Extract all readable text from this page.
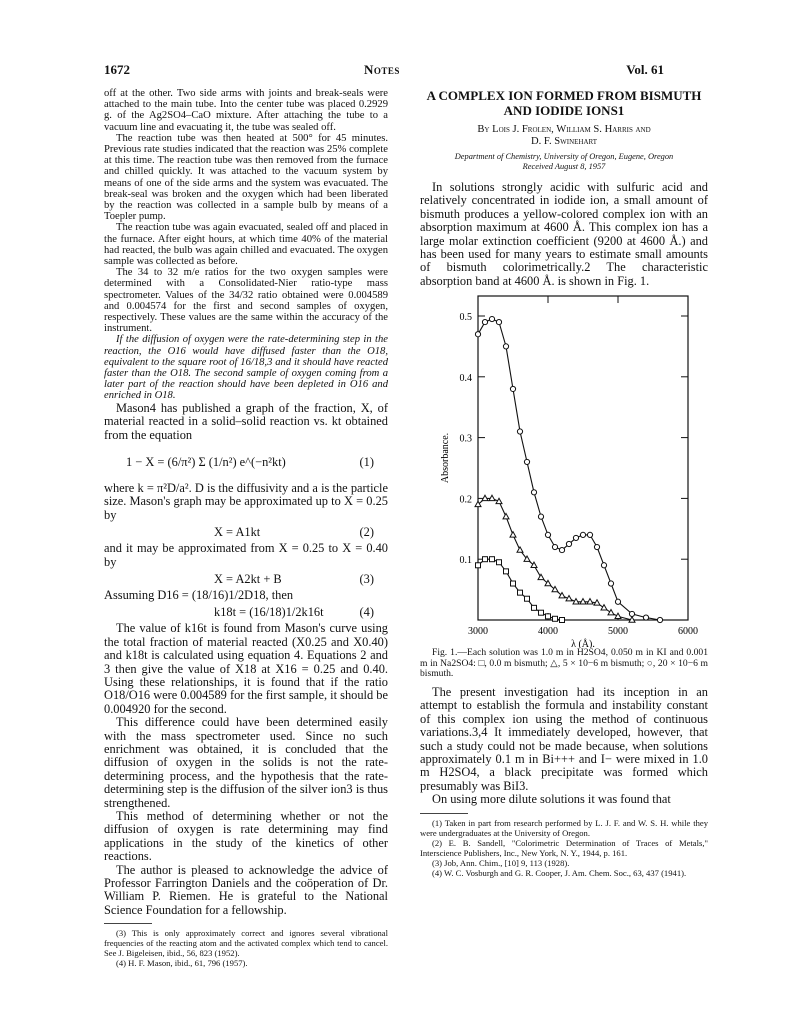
1672	Notes	Vol. 61

off at the other. Two side arms with joints and break-seals were attached to the main tube. Into the center tube was placed 0.2929 g. of the Ag2SO4–CaO mixture. After attaching the tube to a vacuum line and evacuating it, the tube was sealed off.

The reaction tube was then heated at 500° for 45 minutes. Previous rate studies indicated that the reaction was 25% complete at this time. The reaction tube was then removed from the furnace and chilled quickly. It was attached to the vacuum system by means of one of the side arms and the system was evacuated. The break-seal was broken and the oxygen which had been liberated by the reaction was collected in a sample bulb by means of a Toepler pump.

The reaction tube was again evacuated, sealed off and placed in the furnace. After eight hours, at which time 40% of the material had reacted, the bulb was again chilled and evacuated. The oxygen sample was collected as before.

The 34 to 32 m/e ratios for the two oxygen samples were determined with a Consolidated-Nier ratio-type mass spectrometer. Values of the 34/32 ratio obtained were 0.004589 and 0.004574 for the first and second samples of oxygen, respectively. These values are the same within the accuracy of the instrument.

If the diffusion of oxygen were the rate-determining step in the reaction, the O16 would have diffused faster than the O18, equivalent to the square root of 16/18,3 and it should have reacted faster than the O18. The second sample of oxygen coming from a later part of the reaction should have been depleted in O16 and enriched in O18.

Mason4 has published a graph of the fraction, X, of material reacted in a solid–solid reaction vs. kt obtained from the equation

1 − X = (6/π²) Σ (1/n²) e^(−n²kt)	(1)

where k = π²D/a². D is the diffusivity and a is the particle size. Mason's graph may be approximated up to X = 0.25 by

X = A1kt	(2)

and it may be approximated from X = 0.25 to X = 0.40 by

X = A2kt + B	(3)

Assuming D16 = (18/16)1/2D18, then

k18t = (16/18)1/2k16t	(4)

The value of k16t is found from Mason's curve using the total fraction of material reacted (X0.25 and X0.40) and k18t is calculated using equation 4. Equations 2 and 3 then give the value of X18 at X16 = 0.25 and 0.40. Using these relationships, it is found that if the ratio O18/O16 were 0.004589 for the first sample, it should be 0.004920 for the second.

This difference could have been determined easily with the mass spectrometer used. Since no such enrichment was obtained, it is concluded that the diffusion of oxygen in the solids is not the rate-determining process, and the hypothesis that the rate-determining step is the diffusion of the silver ion3 is thus strengthened.

This method of determining whether or not the diffusion of oxygen is rate determining may find applications in the study of the kinetics of other reactions.

The author is pleased to acknowledge the advice of Professor Farrington Daniels and the coöperation of Dr. William P. Riemen. He is grateful to the National Science Foundation for a fellowship.

(3) This is only approximately correct and ignores several vibrational frequencies of the reacting atom and the activated complex which tend to cancel. See J. Bigeleisen, ibid., 56, 823 (1952).

(4) H. F. Mason, ibid., 61, 796 (1957).

A COMPLEX ION FORMED FROM BISMUTH AND IODIDE IONS1
By Lois J. Frolen, William S. Harris and
D. F. Swinehart
Department of Chemistry, University of Oregon, Eugene, Oregon
Received August 8, 1957

In solutions strongly acidic with sulfuric acid and relatively concentrated in iodide ion, a small amount of bismuth produces a yellow-colored complex ion with an absorption maximum at 4600 Å. This complex ion has a large molar extinction coefficient (9200 at 4600 Å.) and has been used for many years to estimate small amounts of bismuth colorimetrically.2 The characteristic absorption band at 4600 Å. is shown in Fig. 1.

0.1
0.2
0.3
0.4
0.5
3000	4000	5000	6000
λ (Å).
Absorbance.

Fig. 1.—Each solution was 1.0 m in H2SO4, 0.050 m in KI and 0.001 m in Na2SO4: □, 0.0 m bismuth; △, 5 × 10−6 m bismuth; ○, 20 × 10−6 m bismuth.

The present investigation had its inception in an attempt to establish the formula and instability constant of this complex ion using the method of continuous variations.3,4 It immediately developed, however, that such a study could not be made because, when solutions approximately 0.1 m in Bi+++ and I− were mixed in 1.0 m H2SO4, a black precipitate was formed which presumably was BiI3.

On using more dilute solutions it was found that

(1) Taken in part from research performed by L. J. F. and W. S. H. while they were undergraduates at the University of Oregon.

(2) E. B. Sandell, "Colorimetric Determination of Traces of Metals," Interscience Publishers, Inc., New York, N. Y., 1944, p. 161.

(3) Job, Ann. Chim., [10] 9, 113 (1928).

(4) W. C. Vosburgh and G. R. Cooper, J. Am. Chem. Soc., 63, 437 (1941).
